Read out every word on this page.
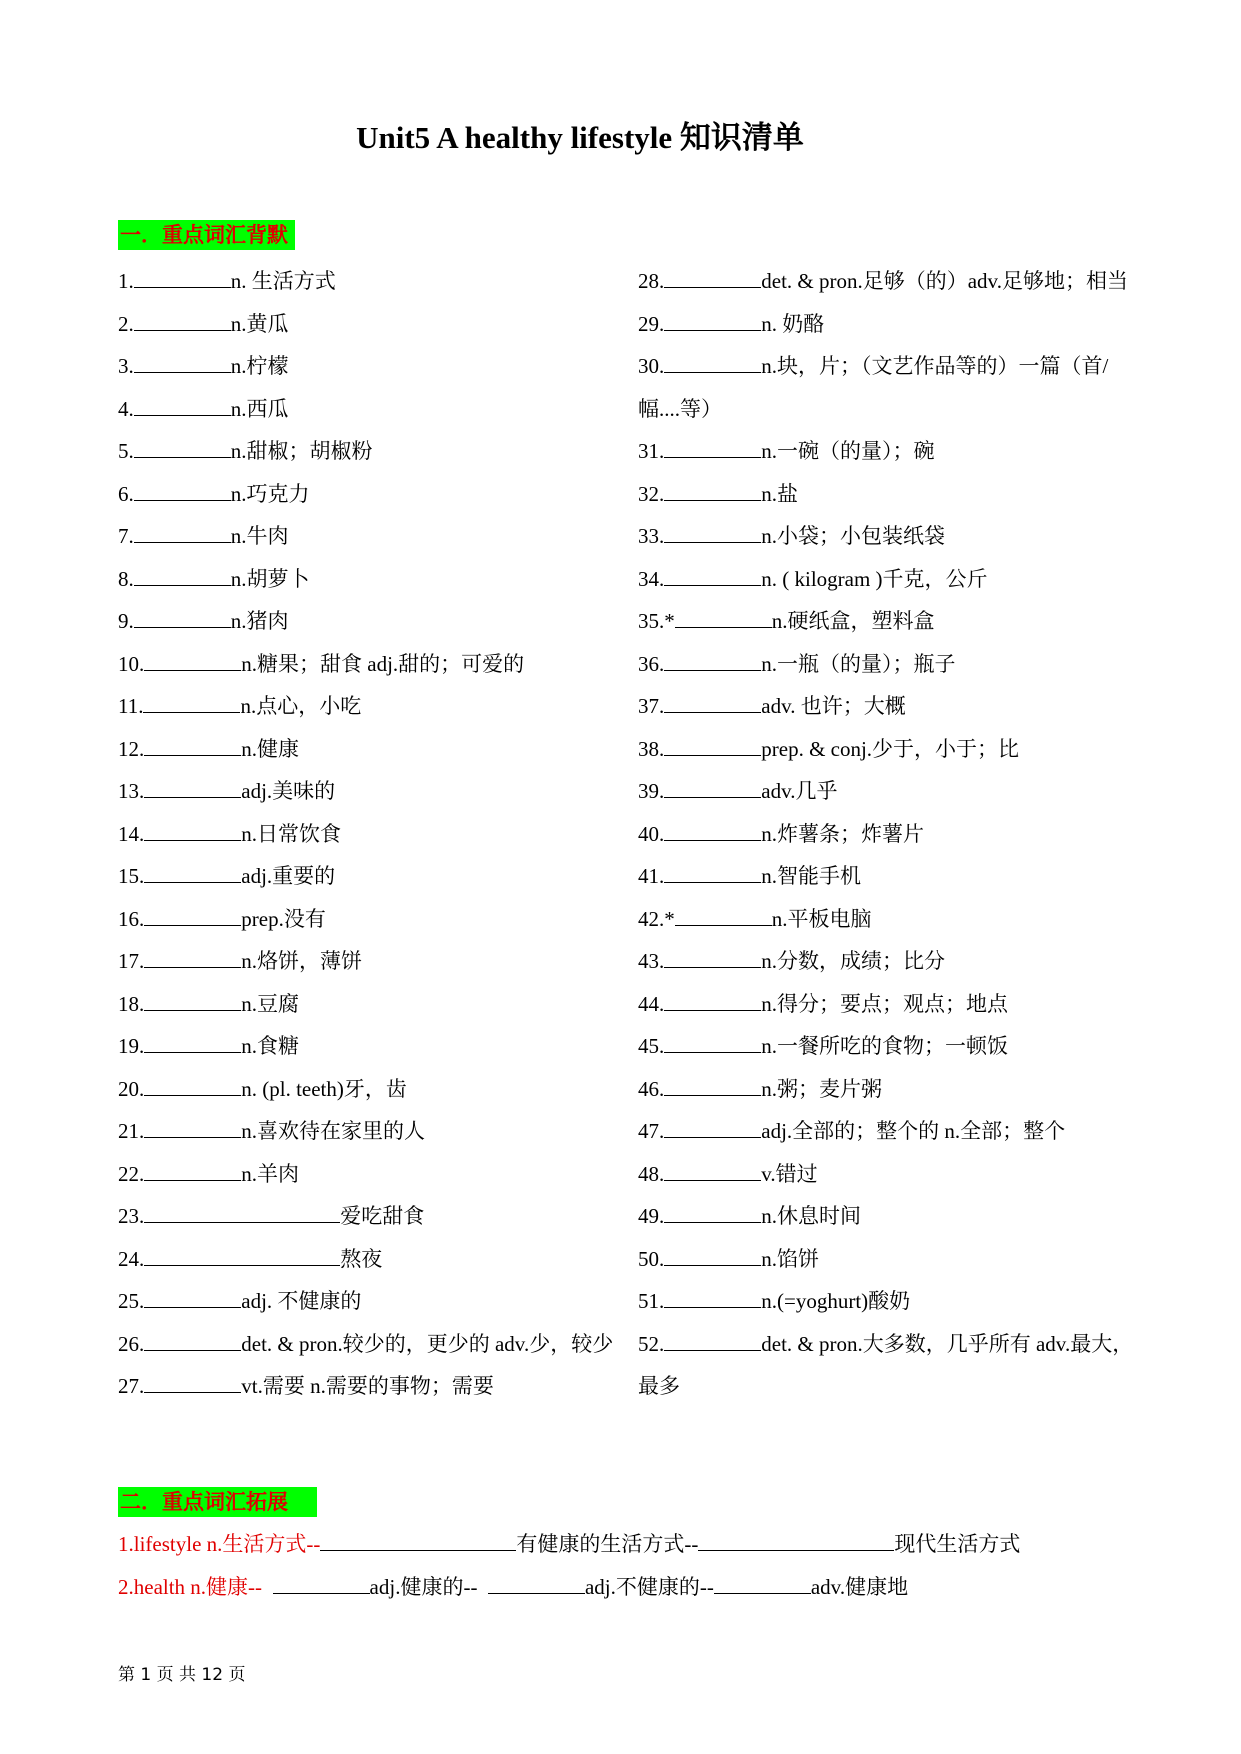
Unit5 A healthy lifestyle 知识清单
一．重点词汇背默
1.	n. 生活方式
2.	n.黄瓜
3.	n.柠檬
4.	n.西瓜
5.	n.甜椒；胡椒粉
6.	n.巧克力
7.	n.牛肉
8.	n.胡萝卜
9.	n.猪肉
10.	n.糖果；甜食 adj.甜的；可爱的
11.	n.点心，小吃
12.	n.健康
13.	adj.美味的
14.	n.日常饮食
15.	adj.重要的
16.	prep.没有
17.	n.烙饼，薄饼
18.	n.豆腐
19.	n.食糖
20.	n. (pl. teeth)牙，齿
21.	n.喜欢待在家里的人
22.	n.羊肉
23.	爱吃甜食
24.	熬夜
25.	adj. 不健康的
26.	det. & pron.较少的，更少的 adv.少，较少
27.	vt.需要 n.需要的事物；需要
28.	det. & pron.足够（的）adv.足够地；相当
29.	n. 奶酪
30.	n.块，片；（文艺作品等的）一篇（首/幅....等）
31.	n.一碗（的量）；碗
32.	n.盐
33.	n.小袋；小包装纸袋
34.	n. ( kilogram )千克，公斤
35.*	n.硬纸盒，塑料盒
36.	n.一瓶（的量）；瓶子
37.	adv. 也许；大概
38.	prep. & conj.少于，小于；比
39.	adv.几乎
40.	n.炸薯条；炸薯片
41.	n.智能手机
42.*	n.平板电脑
43.	n.分数，成绩；比分
44.	n.得分；要点；观点；地点
45.	n.一餐所吃的食物；一顿饭
46.	n.粥；麦片粥
47.	adj.全部的；整个的 n.全部；整个
48.	v.错过
49.	n.休息时间
50.	n.馅饼
51.	n.(=yoghurt)酸奶
52.	det. & pron.大多数，几乎所有 adv.最大，最多
二．重点词汇拓展
1.lifestyle n.生活方式--	有健康的生活方式--	现代生活方式
2.health n.健康--	adj.健康的--	adj.不健康的--	adv.健康地
第 1 页 共 12 页
